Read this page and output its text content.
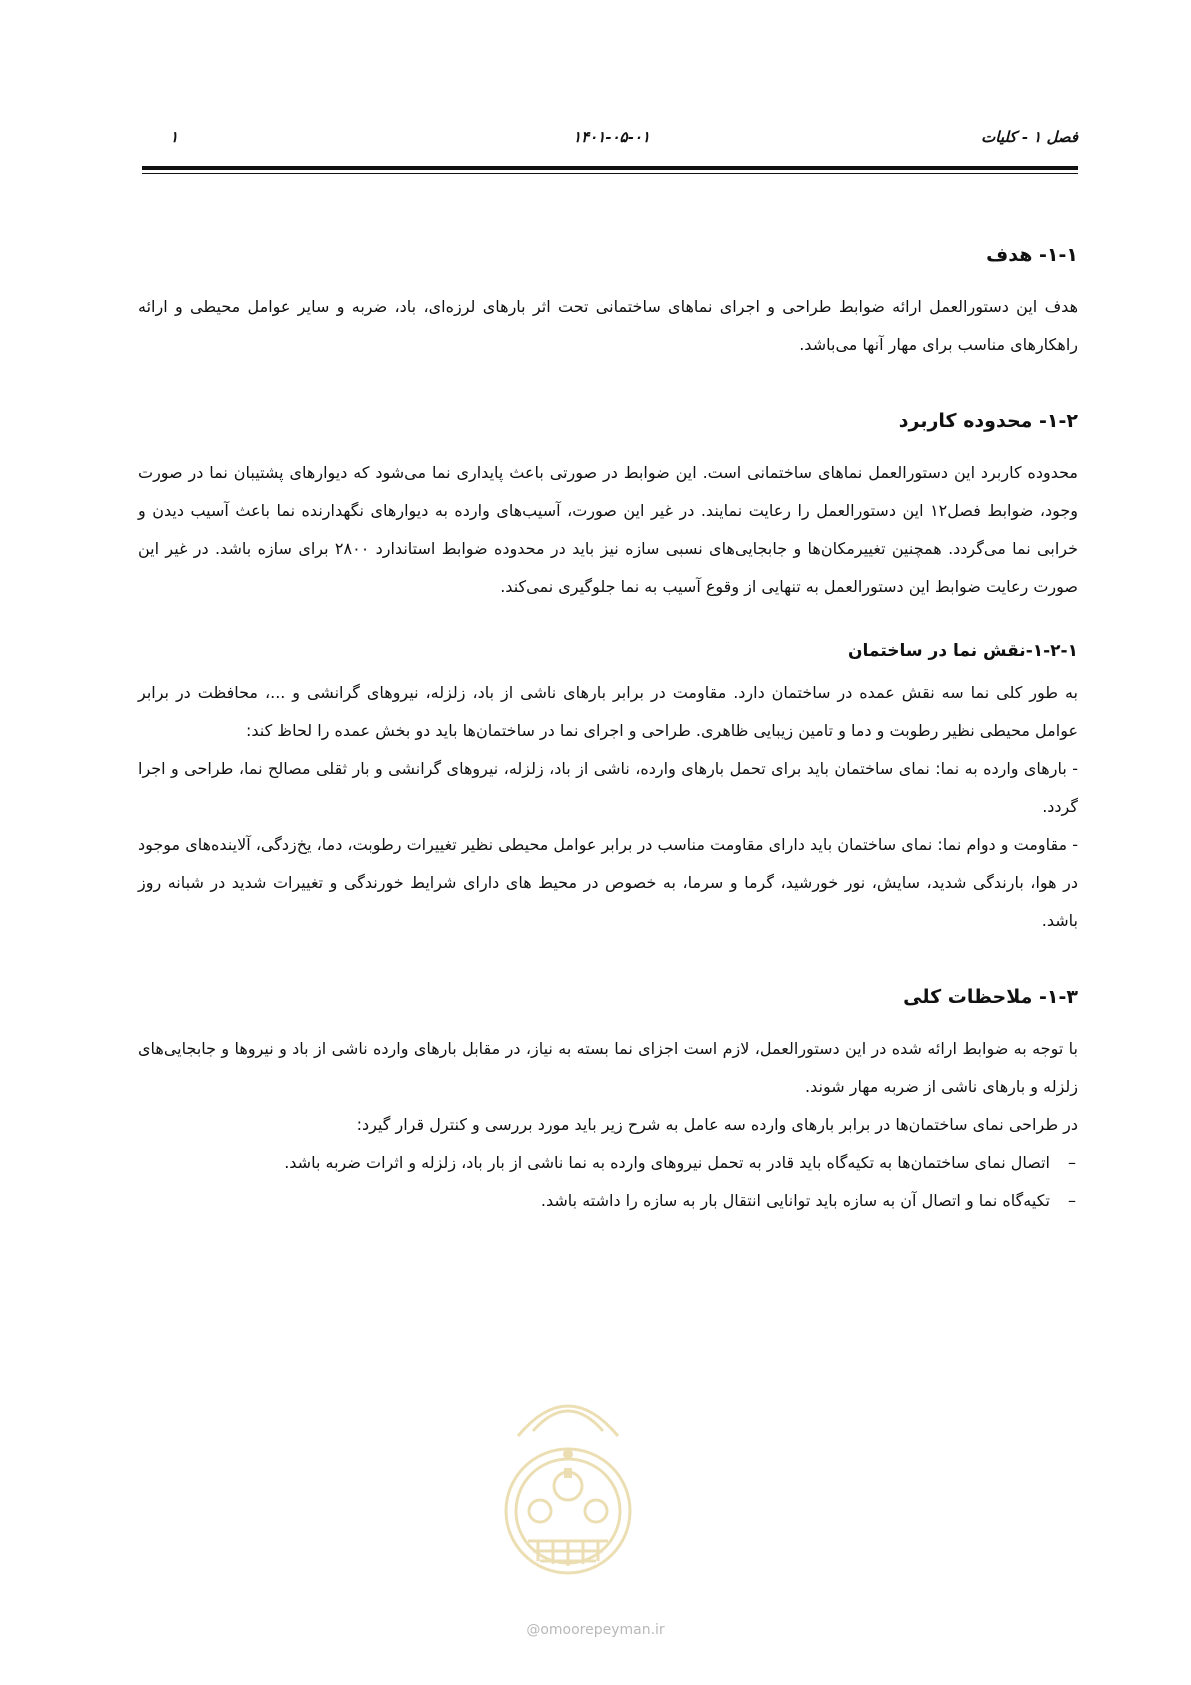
فصل ۱ - کلیات
۱۴۰۱-۰۵-۰۱
۱
۱-۱- هدف

هدف این دستورالعمل ارائه ضوابط طراحی و اجرای نماهای ساختمانی تحت اثر بارهای لرزه‌ای، باد، ضربه و سایر عوامل محیطی و ارائه راهکارهای مناسب برای مهار آنها می‌باشد.

۱-۲- محدوده کاربرد

محدوده کاربرد این دستورالعمل نماهای ساختمانی است. این ضوابط در صورتی باعث پایداری نما می‌شود که دیوارهای پشتیبان نما در صورت وجود، ضوابط فصل۱۲ این دستورالعمل را رعایت نمایند. در غیر این صورت، آسیب‌های وارده به دیوارهای نگهدارنده نما باعث آسیب دیدن و خرابی نما می‌گردد. همچنین تغییرمکان‌ها و جابجایی‌های نسبی سازه نیز باید در محدوده ضوابط استاندارد ۲۸۰۰ برای سازه باشد. در غیر این صورت رعایت ضوابط این دستورالعمل به تنهایی از وقوع آسیب به نما جلوگیری نمی‌کند.

۱-۲-۱-نقش نما در ساختمان

به طور کلی نما سه نقش عمده در ساختمان دارد. مقاومت در برابر بارهای ناشی از باد، زلزله، نیروهای گرانشی و ...، محافظت در برابر عوامل محیطی نظیر رطوبت و دما و تامین زیبایی ظاهری. طراحی و اجرای نما در ساختمان‌ها باید دو بخش عمده را لحاظ کند:

- بارهای وارده به نما: نمای ساختمان باید برای تحمل بارهای وارده، ناشی از باد، زلزله، نیروهای گرانشی و بار ثقلی مصالح نما، طراحی و اجرا گردد.

- مقاومت و دوام نما: نمای ساختمان باید دارای مقاومت مناسب در برابر عوامل محیطی نظیر تغییرات رطوبت، دما، یخ‌زدگی، آلاینده‌های موجود در هوا، بارندگی شدید، سایش، نور خورشید، گرما و سرما، به خصوص در محیط های دارای شرایط خورندگی و تغییرات شدید در شبانه روز باشد.

۱-۳- ملاحظات کلی

با توجه به ضوابط ارائه شده در این دستورالعمل، لازم است اجزای نما بسته به نیاز، در مقابل بارهای وارده ناشی از باد و نیروها و جابجایی‌های زلزله و بارهای ناشی از ضربه مهار شوند.

در طراحی نمای ساختمان‌ها در برابر بارهای وارده سه عامل به شرح زیر باید مورد بررسی و کنترل قرار گیرد:

–
اتصال نمای ساختمان‌ها به تکیه‌گاه باید قادر به تحمل نیروهای وارده به نما ناشی از بار باد، زلزله و اثرات ضربه باشد.
–
تکیه‌گاه نما و اتصال آن به سازه باید توانایی انتقال بار به سازه را داشته باشد.
@omoorepeyman.ir
